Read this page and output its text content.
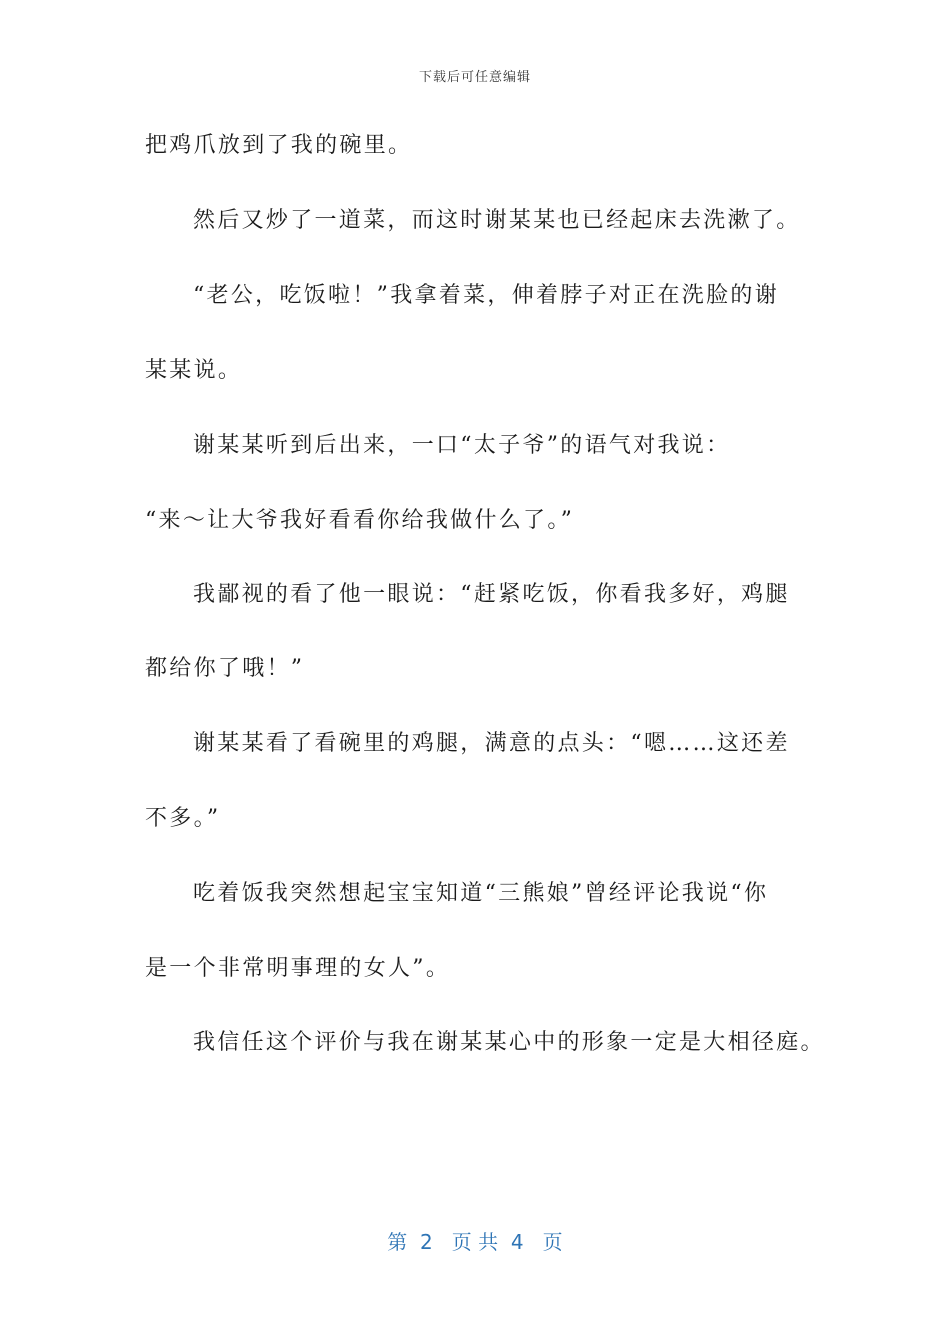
下载后可任意编辑
把鸡爪放到了我的碗里。
然后又炒了一道菜，而这时谢某某也已经起床去洗漱了。
“老公，吃饭啦！”我拿着菜，伸着脖子对正在洗脸的谢
某某说。
谢某某听到后出来，一口“太子爷”的语气对我说：
“来～让大爷我好看看你给我做什么了。”
我鄙视的看了他一眼说：“赶紧吃饭，你看我多好，鸡腿
都给你了哦！”
谢某某看了看碗里的鸡腿，满意的点头：“嗯……这还差
不多。”
吃着饭我突然想起宝宝知道“三熊娘”曾经评论我说“你
是一个非常明事理的女人”。
我信任这个评价与我在谢某某心中的形象一定是大相径庭。
第  2   页 共  4   页
